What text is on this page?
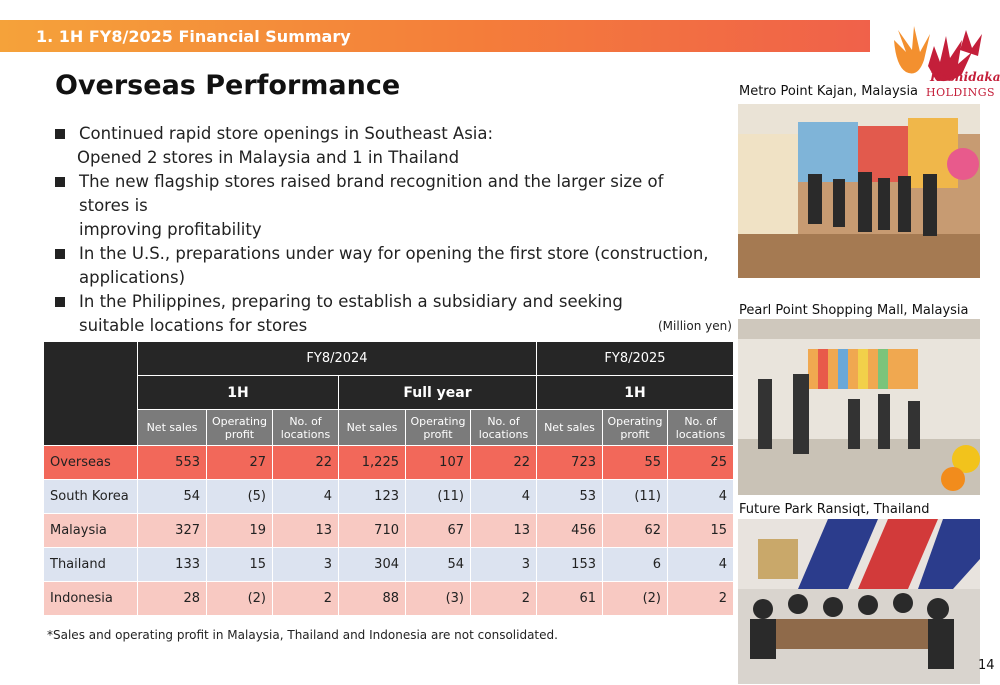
1. 1H FY8/2025 Financial Summary
Koshidaka
HOLDINGS
Overseas Performance
Continued rapid store openings in Southeast Asia:
Opened 2 stores in Malaysia and 1 in Thailand
The new flagship stores raised brand recognition and the larger size of stores is
improving profitability
In the U.S., preparations under way for opening the first store (construction,
applications)
In the Philippines, preparing to establish a subsidiary and seeking
suitable locations for stores	(Million yen)
	FY8/2024						FY8/2025		
	1H			Full year			1H		
	Net sales	Operating profit	No. of locations	Net sales	Operating profit	No. of locations	Net sales	Operating profit	No. of locations
Overseas	553	27	22	1,225	107	22	723	55	25
South Korea	54	(5)	4	123	(11)	4	53	(11)	4
Malaysia	327	19	13	710	67	13	456	62	15
Thailand	133	15	3	304	54	3	153	6	4
Indonesia	28	(2)	2	88	(3)	2	61	(2)	2
*Sales and operating profit in Malaysia, Thailand and Indonesia are not consolidated.
Metro Point Kajan, Malaysia
Pearl Point Shopping Mall, Malaysia
Future Park Ransiqt, Thailand
14
